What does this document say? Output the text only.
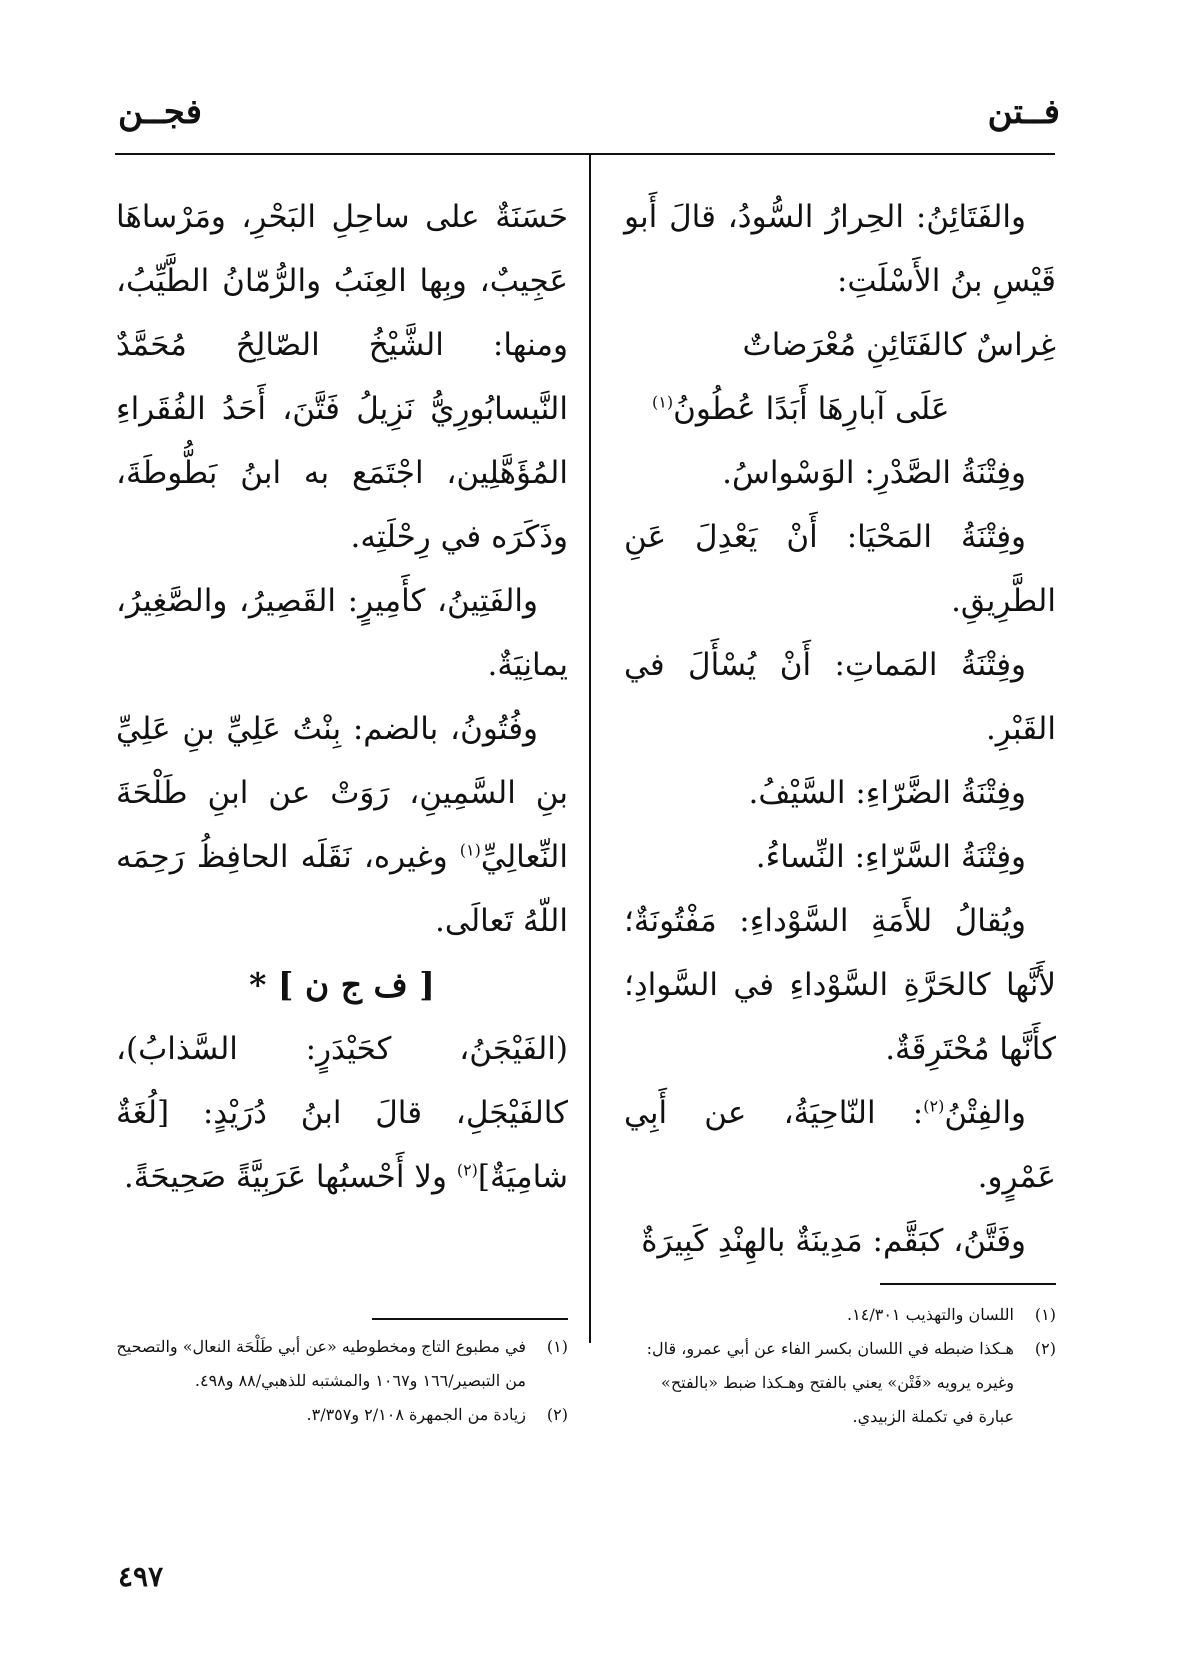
فــتن
فجــن

والفَتَائِنُ: الحِرارُ السُّودُ، قالَ أَبو قَيْسِ بنُ الأَسْلَتِ:

غِراسٌ كالفَتَائِنِ مُعْرَضاتٌ

عَلَى آبارِهَا أَبَدًا عُطُونُ$^{(١)}$

وفِتْنَةُ الصَّدْرِ: الوَسْواسُ.

وفِتْنَةُ المَحْيَا: أَنْ يَعْدِلَ عَنِ الطَّرِيقِ.

وفِتْنَةُ المَماتِ: أَنْ يُسْأَلَ في القَبْرِ.

وفِتْنَةُ الضَّرّاءِ: السَّيْفُ.

وفِتْنَةُ السَّرّاءِ: النِّساءُ.

ويُقالُ للأَمَةِ السَّوْداءِ: مَفْتُونَةٌ؛ لأَنَّها كالحَرَّةِ السَّوْداءِ في السَّوادِ؛ كأَنَّها مُحْتَرِقَةٌ.

والفِتْنُ$^{(٢)}$: النّاحِيَةُ، عن أَبِي عَمْرٍو.

وفَتَّنُ، كبَقَّم: مَدِينَةٌ بالهِنْدِ كَبِيرَةٌ

حَسَنَةٌ على ساحِلِ البَحْرِ، ومَرْساهَا عَجِيبٌ، وبِها العِنَبُ والرُّمّانُ الطَّيِّبُ، ومنها: الشَّيْخُ الصّالِحُ مُحَمَّدٌ النَّيسابُورِيُّ نَزِيلُ فَتَّنَ، أَحَدُ الفُقَراءِ المُؤَهَّلِين، اجْتَمَع به ابنُ بَطُّوطَةَ، وذَكَرَه في رِحْلَتِه.

والفَتِينُ، كأَمِيرٍ: القَصِيرُ، والصَّغِيرُ، يمانِيَةٌ.

وفُتُونُ، بالضم: بِنْتُ عَلِيِّ بنِ عَلِيِّ بنِ السَّمِينِ، رَوَتْ عن ابنِ طَلْحَةَ النِّعالِيِّ$^{(١)}$ وغيره، نَقَلَه الحافِظُ رَحِمَه اللّهُ تَعالَى.

[ ف ج ن ] *

(الفَيْجَنُ، كحَيْدَرٍ: السَّذابُ)، كالفَيْجَلِ، قالَ ابنُ دُرَيْدٍ: [لُغَةٌ شامِيَةٌ]$^{(٢)}$ ولا أَحْسبُها عَرَبِيَّةً صَحِيحَةً.

(١)
اللسان والتهذيب ١٤/٣٠١.
(٢)
هـكذا ضبطه في اللسان بكسر الفاء عن أبي عمرو، قال: وغيره يرويه «فَتْن» يعني بالفتح وهـكذا ضبط «بالفتح» عبارة في تكملة الزبيدي.
(١)
في مطبوع التاج ومخطوطيه «عن أبي طَلْحَة النعال» والتصحيح من التبصير/١٦٦ و١٠٦٧ والمشتبه للذهبي/٨٨ و٤٩٨.
(٢)
زيادة من الجمهرة ٢/١٠٨ و٣/٣٥٧.
٤٩٧
